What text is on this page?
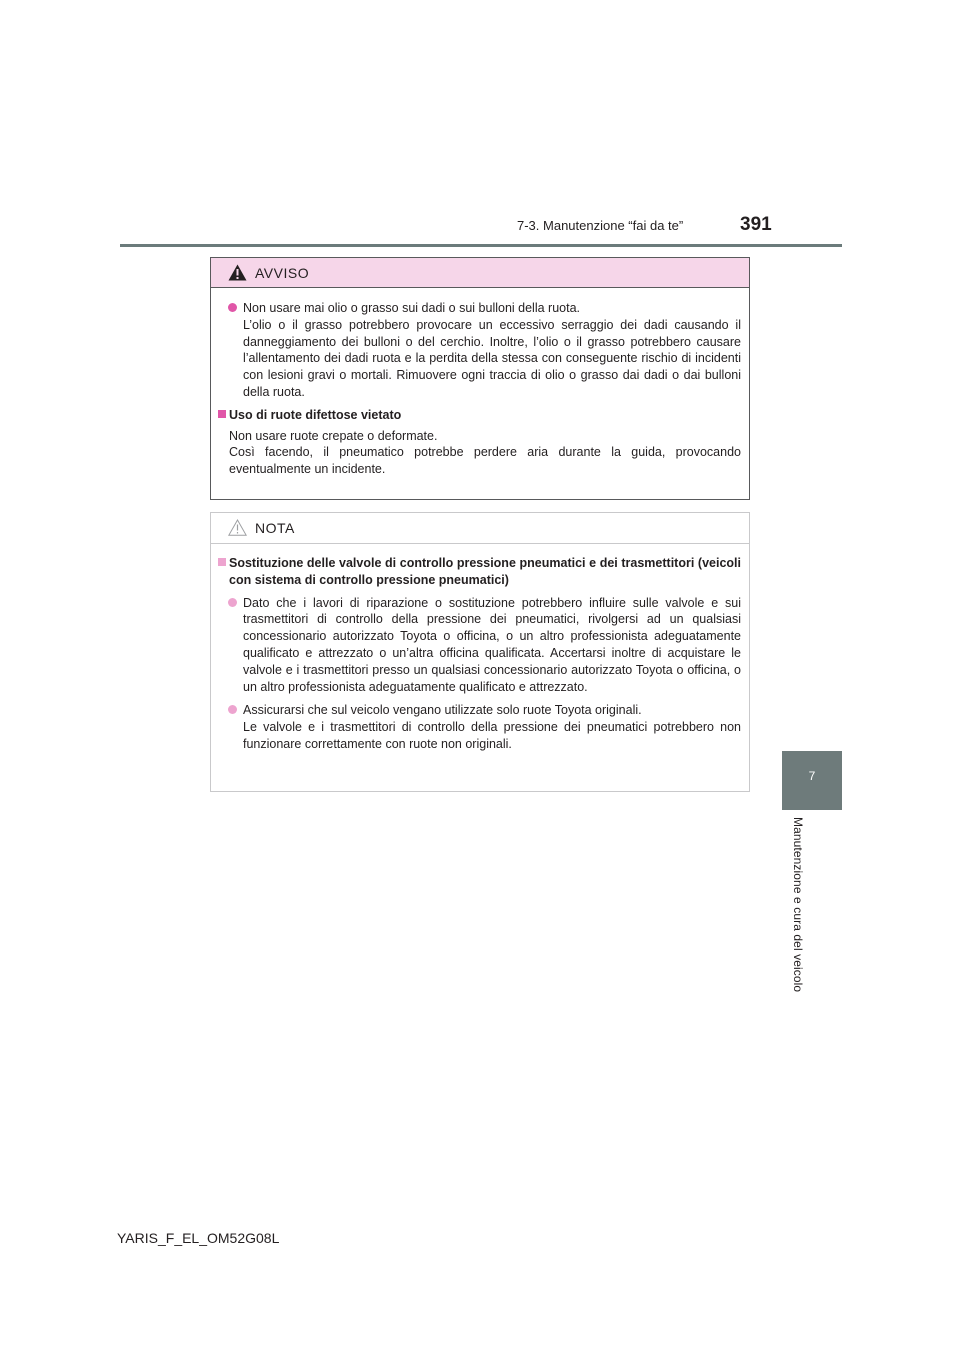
7-3. Manutenzione “fai da te”	391
7
Manutenzione e cura del veicolo
AVVISO

Non usare mai olio o grasso sui dadi o sui bulloni della ruota.

L’olio o il grasso potrebbero provocare un eccessivo serraggio dei dadi causando il danneggiamento dei bulloni o del cerchio. Inoltre, l’olio o il grasso potrebbero causare l’allentamento dei dadi ruota e la perdita della stessa con conseguente rischio di incidenti con lesioni gravi o mortali. Rimuovere ogni traccia di olio o grasso dai dadi o dai bulloni della ruota.

Uso di ruote difettose vietato

Non usare ruote crepate o deformate.

Così facendo, il pneumatico potrebbe perdere aria durante la guida, provocando eventualmente un incidente.

NOTA
Sostituzione delle valvole di controllo pressione pneumatici e dei trasmettitori (veicoli con sistema di controllo pressione pneumatici)

Dato che i lavori di riparazione o sostituzione potrebbero influire sulle valvole e sui trasmettitori di controllo della pressione dei pneumatici, rivolgersi ad un qualsiasi concessionario autorizzato Toyota o officina, o un altro professionista adeguatamente qualificato e attrezzato o un’altra officina qualificata. Accertarsi inoltre di acquistare le valvole e i trasmettitori presso un qualsiasi concessionario autorizzato Toyota o officina, o un altro professionista adeguatamente qualificato e attrezzato.

Assicurarsi che sul veicolo vengano utilizzate solo ruote Toyota originali.

Le valvole e i trasmettitori di controllo della pressione dei pneumatici potrebbero non funzionare correttamente con ruote non originali.

YARIS_F_EL_OM52G08L
